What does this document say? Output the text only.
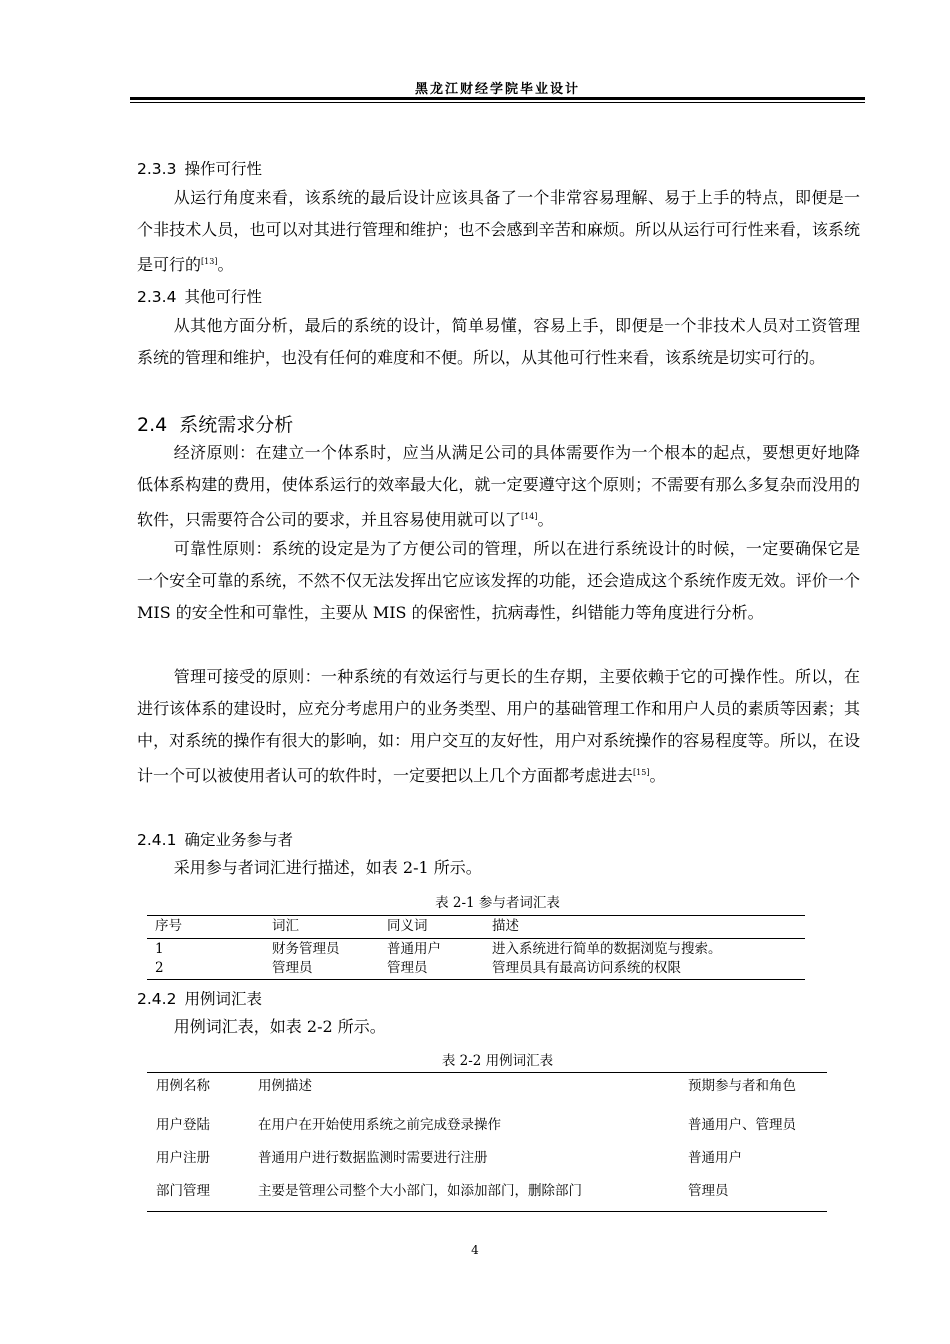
黑龙江财经学院毕业设计
2.3.3 操作可行性
从运行角度来看，该系统的最后设计应该具备了一个非常容易理解、易于上手的特点，即便是一个非技术人员，也可以对其进行管理和维护；也不会感到辛苦和麻烦。所以从运行可行性来看，该系统是可行的[13]。
2.3.4 其他可行性
从其他方面分析，最后的系统的设计，简单易懂，容易上手，即便是一个非技术人员对工资管理系统的管理和维护，也没有任何的难度和不便。所以，从其他可行性来看，该系统是切实可行的。
2.4 系统需求分析
经济原则：在建立一个体系时，应当从满足公司的具体需要作为一个根本的起点，要想更好地降低体系构建的费用，使体系运行的效率最大化，就一定要遵守这个原则；不需要有那么多复杂而没用的软件，只需要符合公司的要求，并且容易使用就可以了[14]。
可靠性原则：系统的设定是为了方便公司的管理，所以在进行系统设计的时候，一定要确保它是一个安全可靠的系统，不然不仅无法发挥出它应该发挥的功能，还会造成这个系统作废无效。评价一个 MIS 的安全性和可靠性，主要从 MIS 的保密性，抗病毒性，纠错能力等角度进行分析。
管理可接受的原则：一种系统的有效运行与更长的生存期，主要依赖于它的可操作性。所以，在进行该体系的建设时，应充分考虑用户的业务类型、用户的基础管理工作和用户人员的素质等因素；其中，对系统的操作有很大的影响，如：用户交互的友好性，用户对系统操作的容易程度等。所以，在设计一个可以被使用者认可的软件时，一定要把以上几个方面都考虑进去[15]。
2.4.1 确定业务参与者
采用参与者词汇进行描述，如表 2-1 所示。
表 2-1 参与者词汇表
序号	词汇	同义词	描述
1	财务管理员	普通用户	进入系统进行简单的数据浏览与搜索。
2	管理员	管理员	管理员具有最高访问系统的权限
2.4.2 用例词汇表
用例词汇表，如表 2-2 所示。
表 2-2 用例词汇表
用例名称	用例描述	预期参与者和角色
用户登陆	在用户在开始使用系统之前完成登录操作	普通用户、管理员
用户注册	普通用户进行数据监测时需要进行注册	普通用户
部门管理	主要是管理公司整个大小部门，如添加部门，删除部门	管理员
4
